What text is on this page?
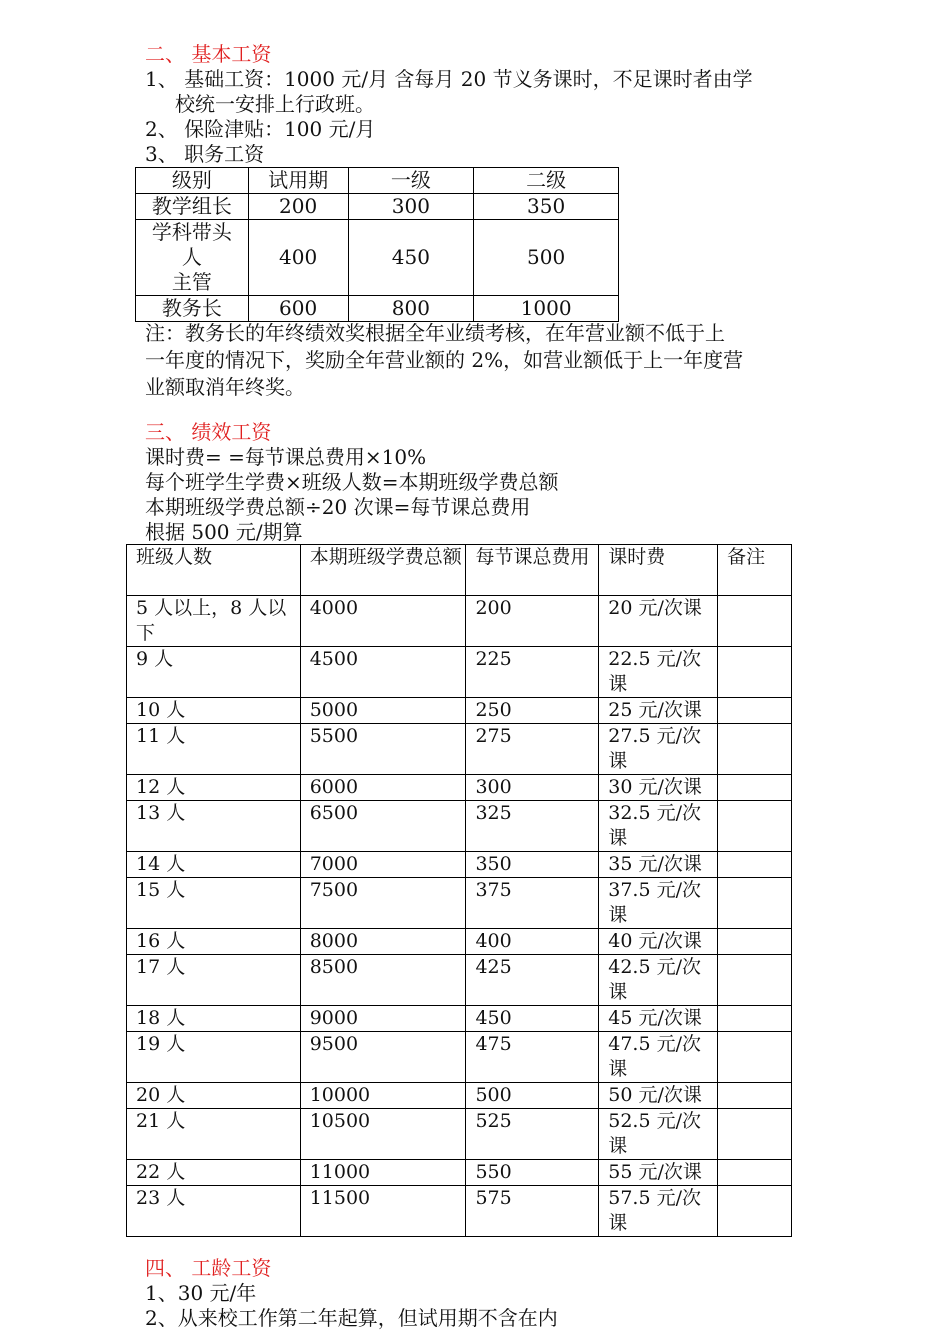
二、 基本工资
1、 基础工资：1000 元/月 含每月 20 节义务课时，不足课时者由学
校统一安排上行政班。
2、 保险津贴：100 元/月
3、 职务工资
级别	试用期	一级	二级
教学组长	200	300	350

学科带头
人
主管	400	450	500
教务长	600	800	1000
注：教务长的年终绩效奖根据全年业绩考核，在年营业额不低于上
一年度的情况下，奖励全年营业额的 2%，如营业额低于上一年度营
业额取消年终奖。
三、 绩效工资
课时费= =每节课总费用×10%
每个班学生学费×班级人数=本期班级学费总额
本期班级学费总额÷20 次课=每节课总费用
根据 500 元/期算
班级人数	本期班级学费总额	每节课总费用	课时费	备注
5 人以上，8 人以下	4000	200	20 元/次课	
9 人	4500	225	22.5 元/次课	
10 人	5000	250	25 元/次课	
11 人	5500	275	27.5 元/次课	
12 人	6000	300	30 元/次课	
13 人	6500	325	32.5 元/次课	
14 人	7000	350	35 元/次课	
15 人	7500	375	37.5 元/次课	
16 人	8000	400	40 元/次课	
17 人	8500	425	42.5 元/次课	
18 人	9000	450	45 元/次课	
19 人	9500	475	47.5 元/次课	
20 人	10000	500	50 元/次课	
21 人	10500	525	52.5 元/次课	
22 人	11000	550	55 元/次课	
23 人	11500	575	57.5 元/次课	
四、 工龄工资
1、30 元/年
2、从来校工作第二年起算，但试用期不含在内
